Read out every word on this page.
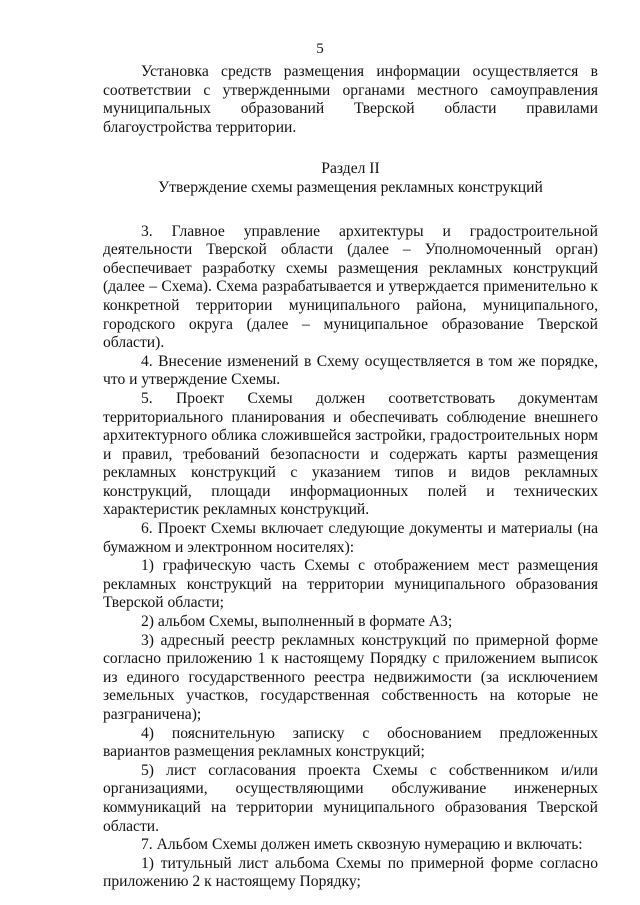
5

Установка средств размещения информации осуществляется в соответствии с утвержденными органами местного самоуправления муниципальных образований Тверской области правилами благоустройства территории.

Раздел II

Утверждение схемы размещения рекламных конструкций

3. Главное управление архитектуры и градостроительной деятельности Тверской области (далее – Уполномоченный орган) обеспечивает разработку схемы размещения рекламных конструкций (далее – Схема). Схема разрабатывается и утверждается применительно к конкретной территории муниципального района, муниципального, городского округа (далее – муниципальное образование Тверской области).

4. Внесение изменений в Схему осуществляется в том же порядке, что и утверждение Схемы.

5. Проект Схемы должен соответствовать документам территориального планирования и обеспечивать соблюдение внешнего архитектурного облика сложившейся застройки, градостроительных норм и правил, требований безопасности и содержать карты размещения рекламных конструкций с указанием типов и видов рекламных конструкций, площади информационных полей и технических характеристик рекламных конструкций.

6. Проект Схемы включает следующие документы и материалы (на бумажном и электронном носителях):

1) графическую часть Схемы с отображением мест размещения рекламных конструкций на территории муниципального образования Тверской области;

2) альбом Схемы, выполненный в формате А3;

3) адресный реестр рекламных конструкций по примерной форме согласно приложению 1 к настоящему Порядку с приложением выписок из единого государственного реестра недвижимости (за исключением земельных участков, государственная собственность на которые не разграничена);

4) пояснительную записку с обоснованием предложенных вариантов размещения рекламных конструкций;

5) лист согласования проекта Схемы с собственником и/или организациями, осуществляющими обслуживание инженерных коммуникаций на территории муниципального образования Тверской области.

7. Альбом Схемы должен иметь сквозную нумерацию и включать:

1) титульный лист альбома Схемы по примерной форме согласно приложению 2 к настоящему Порядку;
